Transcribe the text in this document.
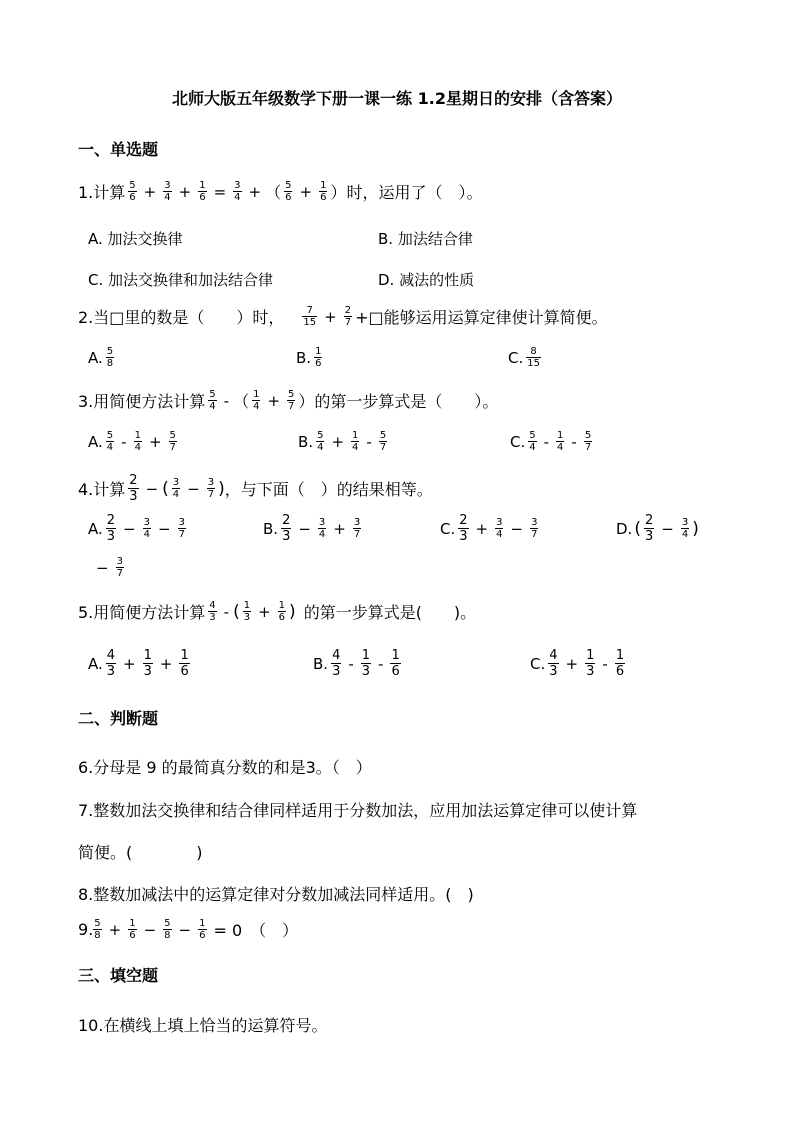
北师大版五年级数学下册一课一练 1.2星期日的安排（含答案）
一、单选题
1.计算 $\frac{5}{6} + \frac{3}{4} + \frac{1}{6} = \frac{3}{4}$ + （ $\frac{5}{6} + \frac{1}{6}$ ）时，运用了（　）。
A. 加法交换律	B. 加法结合律
C. 加法交换律和加法结合律	D. 减法的性质
2.当□里的数是（　　）时， $\frac{7}{15} + \frac{2}{7}$ +□能够运用运算定律使计算简便。
A. $\frac{5}{8}$	B. $\frac{1}{6}$	C. $\frac{8}{15}$
3.用简便方法计算 $\frac{5}{4}$ - （ $\frac{1}{4} + \frac{5}{7}$ ）的第一步算式是（　　）。
A. $\frac{5}{4} - \frac{1}{4} + \frac{5}{7}$	B. $\frac{5}{4} + \frac{1}{4} - \frac{5}{7}$	C. $\frac{5}{4} - \frac{1}{4} - \frac{5}{7}$
4.计算 $\frac{2}{3}$ − ( $\frac{3}{4} - \frac{3}{7}$ ) ，与下面（　）的结果相等。
A. $\frac{2}{3} - \frac{3}{4} - \frac{3}{7}$	B. $\frac{2}{3} - \frac{3}{4} + \frac{3}{7}$	C. $\frac{2}{3} + \frac{3}{4} - \frac{3}{7}$	D. ( $\frac{2}{3} - \frac{3}{4}$ )
− $\frac{3}{7}$
5.用简便方法计算 $\frac{4}{3}$ - ( $\frac{1}{3} + \frac{1}{6}$ ) 的第一步算式是(　　)。
A. $\frac{4}{3} + \frac{1}{3} + \frac{1}{6}$	B. $\frac{4}{3} - \frac{1}{3} - \frac{1}{6}$	C. $\frac{4}{3} + \frac{1}{3} - \frac{1}{6}$
二、判断题
6.分母是 9 的最简真分数的和是3。（　）
7.整数加法交换律和结合律同样适用于分数加法，应用加法运算定律可以使计算
简便。(　　　　)
8.整数加减法中的运算定律对分数加减法同样适用。(　)
9. $\frac{5}{8} + \frac{1}{6} - \frac{5}{8} - \frac{1}{6} = 0$　（　）
三、填空题
10.在横线上填上恰当的运算符号。
